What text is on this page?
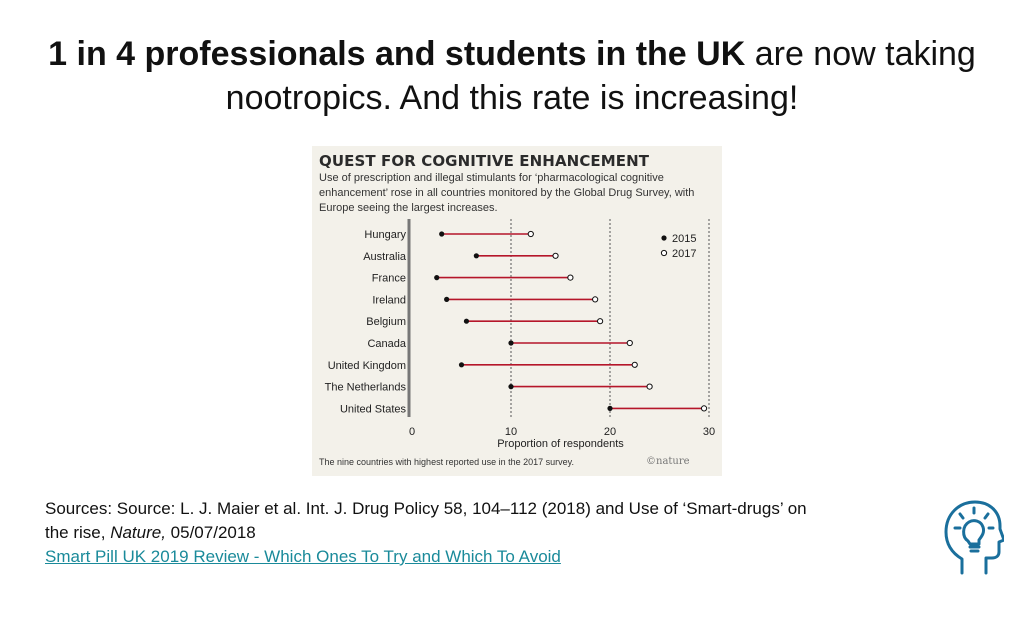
1 in 4 professionals and students in the UK are now taking nootropics. And this rate is increasing!
QUEST FOR COGNITIVE ENHANCEMENT
Use of prescription and illegal stimulants for ‘pharmacological cognitive enhancement’ rose in all countries monitored by the Global Drug Survey, with Europe seeing the largest increases.
0	10	20	30
Proportion of respondents
Hungary
Australia
France
Ireland
Belgium
Canada
United Kingdom
The Netherlands
United States
2015
2017
The nine countries with highest reported use in the 2017 survey.	©nature
Sources: Source: L. J. Maier et al. Int. J. Drug Policy 58, 104–112 (2018) and Use of ‘Smart-drugs’ on the rise, Nature, 05/07/2018
Smart Pill UK 2019 Review - Which Ones To Try and Which To Avoid
